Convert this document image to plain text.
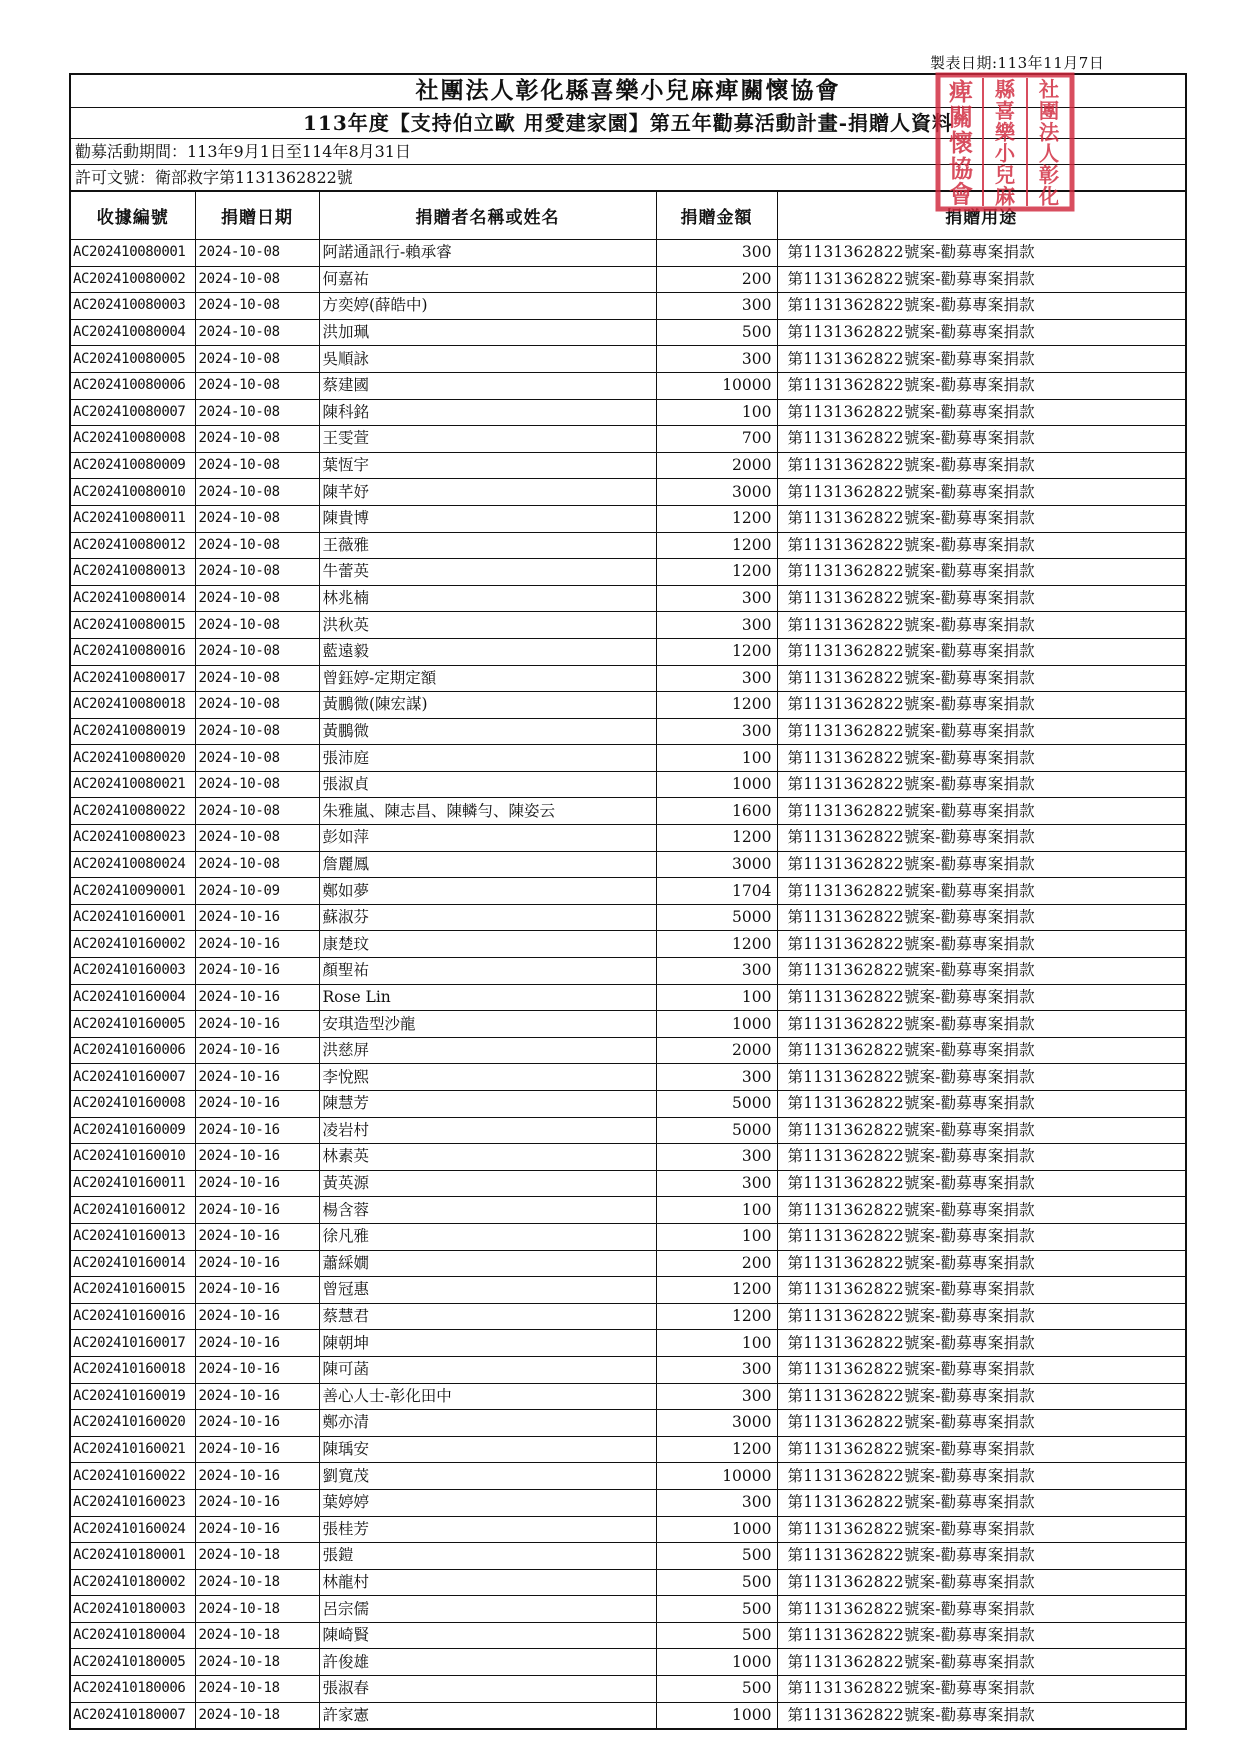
製表日期:113年11月7日
社團法人彰化縣喜樂小兒麻痺關懷協會
113年度【支持伯立歐 用愛建家園】第五年勸募活動計畫-捐贈人資料
勸募活動期間：113年9月1日至114年8月31日
許可文號：衛部救字第1131362822號
收據編號	捐贈日期	捐贈者名稱或姓名	捐贈金額	捐贈用途
AC202410080001	2024-10-08	阿諾通訊行-賴承睿	300	第1131362822號案-勸募專案捐款
AC202410080002	2024-10-08	何嘉祐	200	第1131362822號案-勸募專案捐款
AC202410080003	2024-10-08	方奕婷(薛皓中)	300	第1131362822號案-勸募專案捐款
AC202410080004	2024-10-08	洪加珮	500	第1131362822號案-勸募專案捐款
AC202410080005	2024-10-08	吳順詠	300	第1131362822號案-勸募專案捐款
AC202410080006	2024-10-08	蔡建國	10000	第1131362822號案-勸募專案捐款
AC202410080007	2024-10-08	陳科銘	100	第1131362822號案-勸募專案捐款
AC202410080008	2024-10-08	王雯萱	700	第1131362822號案-勸募專案捐款
AC202410080009	2024-10-08	葉恆宇	2000	第1131362822號案-勸募專案捐款
AC202410080010	2024-10-08	陳芊妤	3000	第1131362822號案-勸募專案捐款
AC202410080011	2024-10-08	陳貴博	1200	第1131362822號案-勸募專案捐款
AC202410080012	2024-10-08	王薇雅	1200	第1131362822號案-勸募專案捐款
AC202410080013	2024-10-08	牛蕾英	1200	第1131362822號案-勸募專案捐款
AC202410080014	2024-10-08	林兆楠	300	第1131362822號案-勸募專案捐款
AC202410080015	2024-10-08	洪秋英	300	第1131362822號案-勸募專案捐款
AC202410080016	2024-10-08	藍遠毅	1200	第1131362822號案-勸募專案捐款
AC202410080017	2024-10-08	曾鈺婷-定期定額	300	第1131362822號案-勸募專案捐款
AC202410080018	2024-10-08	黃鵬微(陳宏謀)	1200	第1131362822號案-勸募專案捐款
AC202410080019	2024-10-08	黃鵬微	300	第1131362822號案-勸募專案捐款
AC202410080020	2024-10-08	張沛庭	100	第1131362822號案-勸募專案捐款
AC202410080021	2024-10-08	張淑貞	1000	第1131362822號案-勸募專案捐款
AC202410080022	2024-10-08	朱雅嵐、陳志昌、陳轔勻、陳姿云	1600	第1131362822號案-勸募專案捐款
AC202410080023	2024-10-08	彭如萍	1200	第1131362822號案-勸募專案捐款
AC202410080024	2024-10-08	詹麗鳳	3000	第1131362822號案-勸募專案捐款
AC202410090001	2024-10-09	鄭如夢	1704	第1131362822號案-勸募專案捐款
AC202410160001	2024-10-16	蘇淑芬	5000	第1131362822號案-勸募專案捐款
AC202410160002	2024-10-16	康楚玟	1200	第1131362822號案-勸募專案捐款
AC202410160003	2024-10-16	顏聖祐	300	第1131362822號案-勸募專案捐款
AC202410160004	2024-10-16	Rose Lin	100	第1131362822號案-勸募專案捐款
AC202410160005	2024-10-16	安琪造型沙龍	1000	第1131362822號案-勸募專案捐款
AC202410160006	2024-10-16	洪慈屏	2000	第1131362822號案-勸募專案捐款
AC202410160007	2024-10-16	李悅熙	300	第1131362822號案-勸募專案捐款
AC202410160008	2024-10-16	陳慧芳	5000	第1131362822號案-勸募專案捐款
AC202410160009	2024-10-16	凌岩村	5000	第1131362822號案-勸募專案捐款
AC202410160010	2024-10-16	林素英	300	第1131362822號案-勸募專案捐款
AC202410160011	2024-10-16	黃英源	300	第1131362822號案-勸募專案捐款
AC202410160012	2024-10-16	楊含蓉	100	第1131362822號案-勸募專案捐款
AC202410160013	2024-10-16	徐凡雅	100	第1131362822號案-勸募專案捐款
AC202410160014	2024-10-16	蕭綵嫺	200	第1131362822號案-勸募專案捐款
AC202410160015	2024-10-16	曾冠惠	1200	第1131362822號案-勸募專案捐款
AC202410160016	2024-10-16	蔡慧君	1200	第1131362822號案-勸募專案捐款
AC202410160017	2024-10-16	陳朝坤	100	第1131362822號案-勸募專案捐款
AC202410160018	2024-10-16	陳可菡	300	第1131362822號案-勸募專案捐款
AC202410160019	2024-10-16	善心人士-彰化田中	300	第1131362822號案-勸募專案捐款
AC202410160020	2024-10-16	鄭亦清	3000	第1131362822號案-勸募專案捐款
AC202410160021	2024-10-16	陳瑀安	1200	第1131362822號案-勸募專案捐款
AC202410160022	2024-10-16	劉寬茂	10000	第1131362822號案-勸募專案捐款
AC202410160023	2024-10-16	葉婷婷	300	第1131362822號案-勸募專案捐款
AC202410160024	2024-10-16	張桂芳	1000	第1131362822號案-勸募專案捐款
AC202410180001	2024-10-18	張鎧	500	第1131362822號案-勸募專案捐款
AC202410180002	2024-10-18	林龍村	500	第1131362822號案-勸募專案捐款
AC202410180003	2024-10-18	呂宗儒	500	第1131362822號案-勸募專案捐款
AC202410180004	2024-10-18	陳崎賢	500	第1131362822號案-勸募專案捐款
AC202410180005	2024-10-18	許俊雄	1000	第1131362822號案-勸募專案捐款
AC202410180006	2024-10-18	張淑春	500	第1131362822號案-勸募專案捐款
AC202410180007	2024-10-18	許家憲	1000	第1131362822號案-勸募專案捐款
社
團
法
人
彰
化
縣
喜
樂
小
兒
麻
痺
關
懷
協
會
